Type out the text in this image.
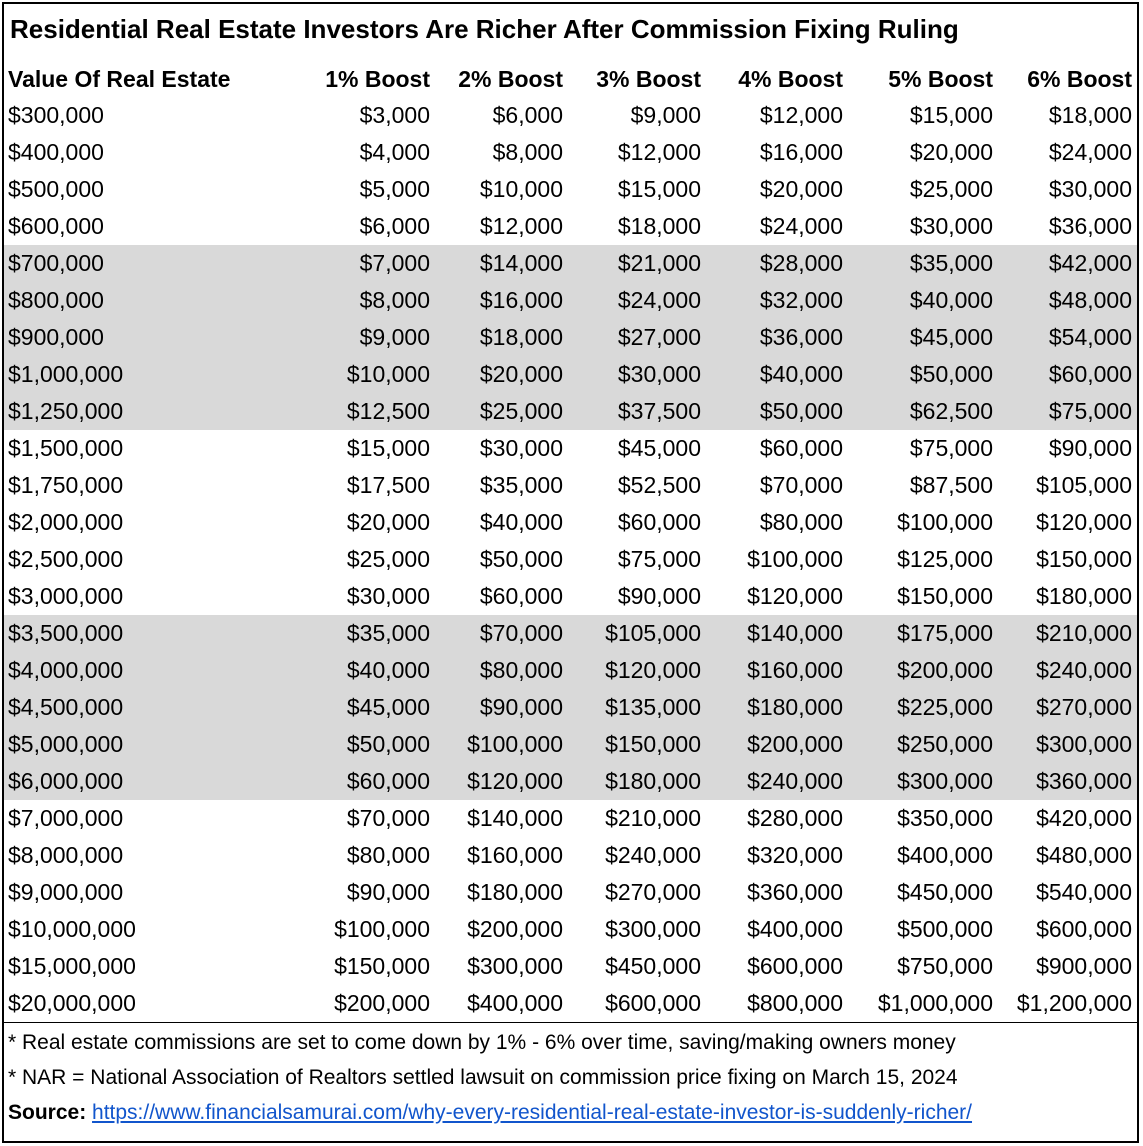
Residential Real Estate Investors Are Richer After Commission Fixing Ruling
Value Of Real Estate	1% Boost	2% Boost	3% Boost	4% Boost	5% Boost	6% Boost
$300,000	$3,000	$6,000	$9,000	$12,000	$15,000	$18,000
$400,000	$4,000	$8,000	$12,000	$16,000	$20,000	$24,000
$500,000	$5,000	$10,000	$15,000	$20,000	$25,000	$30,000
$600,000	$6,000	$12,000	$18,000	$24,000	$30,000	$36,000
$700,000	$7,000	$14,000	$21,000	$28,000	$35,000	$42,000
$800,000	$8,000	$16,000	$24,000	$32,000	$40,000	$48,000
$900,000	$9,000	$18,000	$27,000	$36,000	$45,000	$54,000
$1,000,000	$10,000	$20,000	$30,000	$40,000	$50,000	$60,000
$1,250,000	$12,500	$25,000	$37,500	$50,000	$62,500	$75,000
$1,500,000	$15,000	$30,000	$45,000	$60,000	$75,000	$90,000
$1,750,000	$17,500	$35,000	$52,500	$70,000	$87,500	$105,000
$2,000,000	$20,000	$40,000	$60,000	$80,000	$100,000	$120,000
$2,500,000	$25,000	$50,000	$75,000	$100,000	$125,000	$150,000
$3,000,000	$30,000	$60,000	$90,000	$120,000	$150,000	$180,000
$3,500,000	$35,000	$70,000	$105,000	$140,000	$175,000	$210,000
$4,000,000	$40,000	$80,000	$120,000	$160,000	$200,000	$240,000
$4,500,000	$45,000	$90,000	$135,000	$180,000	$225,000	$270,000
$5,000,000	$50,000	$100,000	$150,000	$200,000	$250,000	$300,000
$6,000,000	$60,000	$120,000	$180,000	$240,000	$300,000	$360,000
$7,000,000	$70,000	$140,000	$210,000	$280,000	$350,000	$420,000
$8,000,000	$80,000	$160,000	$240,000	$320,000	$400,000	$480,000
$9,000,000	$90,000	$180,000	$270,000	$360,000	$450,000	$540,000
$10,000,000	$100,000	$200,000	$300,000	$400,000	$500,000	$600,000
$15,000,000	$150,000	$300,000	$450,000	$600,000	$750,000	$900,000
$20,000,000	$200,000	$400,000	$600,000	$800,000	$1,000,000	$1,200,000
* Real estate commissions are set to come down by 1% - 6% over time, saving/making owners money
* NAR = National Association of Realtors settled lawsuit on commission price fixing on March 15, 2024
Source: https://www.financialsamurai.com/why-every-residential-real-estate-investor-is-suddenly-richer/
